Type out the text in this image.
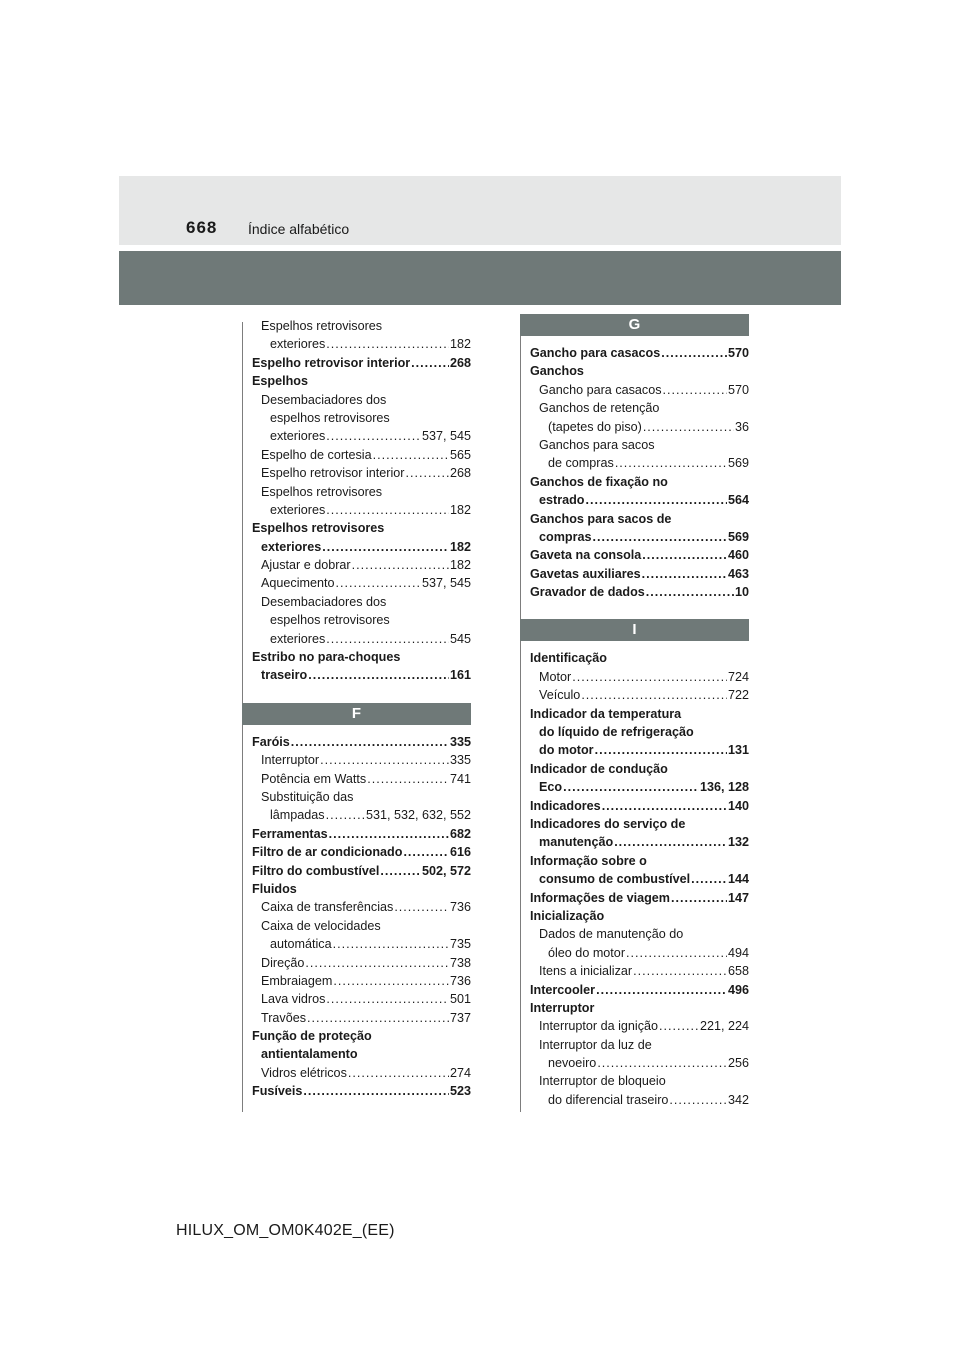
668 Índice alfabético
Espelhos retrovisores
exteriores .....	182
Espelho retrovisor interior .....	268
Espelhos
Desembaciadores dos
espelhos retrovisores
exteriores .....	537, 545
Espelho de cortesia .....	565
Espelho retrovisor interior .....	268
Espelhos retrovisores
exteriores .....	182
Espelhos retrovisores
exteriores .....	182
Ajustar e dobrar .....	182
Aquecimento .....	537, 545
Desembaciadores dos
espelhos retrovisores
exteriores .....	545
Estribo no para-choques
traseiro .....	161
F
Faróis .....	335
Interruptor .....	335
Potência em Watts .....	741
Substituição das
lâmpadas .....	531, 532, 632, 552
Ferramentas .....	682
Filtro de ar condicionado .....	616
Filtro do combustível .....	502, 572
Fluidos
Caixa de transferências .....	736
Caixa de velocidades
automática .....	735
Direção .....	738
Embraiagem .....	736
Lava vidros .....	501
Travões .....	737
Função de proteção
antientalamento
Vidros elétricos .....	274
Fusíveis .....	523
G
Gancho para casacos .....	570
Ganchos
Gancho para casacos .....	570
Ganchos de retenção
(tapetes do piso) .....	36
Ganchos para sacos
de compras .....	569
Ganchos de fixação no
estrado .....	564
Ganchos para sacos de
compras .....	569
Gaveta na consola .....	460
Gavetas auxiliares .....	463
Gravador de dados .....	10
I
Identificação
Motor .....	724
Veículo .....	722
Indicador da temperatura
do líquido de refrigeração
do motor .....	131
Indicador de condução
Eco .....	136, 128
Indicadores .....	140
Indicadores do serviço de
manutenção .....	132
Informação sobre o
consumo de combustível .....	144
Informações de viagem .....	147
Inicialização
Dados de manutenção do
óleo do motor .....	494
Itens a inicializar .....	658
Intercooler .....	496
Interruptor
Interruptor da ignição .....	221, 224
Interruptor da luz de
nevoeiro .....	256
Interruptor de bloqueio
do diferencial traseiro .....	342
HILUX_OM_OM0K402E_(EE)
